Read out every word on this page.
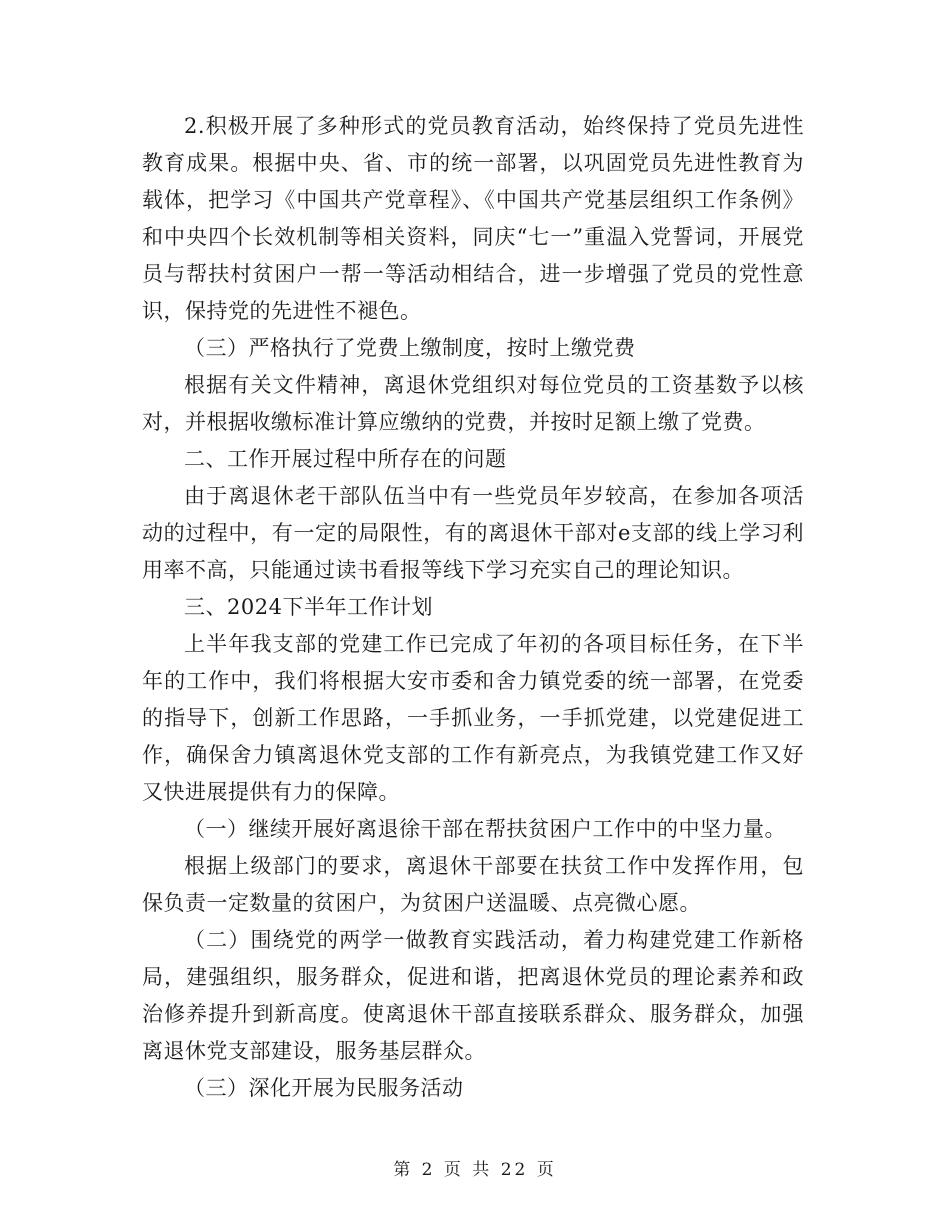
2.积极开展了多种形式的党员教育活动，始终保持了党员先进性教育成果。根据中央、省、市的统一部署，以巩固党员先进性教育为载体，把学习《中国共产党章程》、《中国共产党基层组织工作条例》和中央四个长效机制等相关资料，同庆“七一”重温入党誓词，开展党员与帮扶村贫困户一帮一等活动相结合，进一步增强了党员的党性意识，保持党的先进性不褪色。

（三）严格执行了党费上缴制度，按时上缴党费

根据有关文件精神，离退休党组织对每位党员的工资基数予以核对，并根据收缴标准计算应缴纳的党费，并按时足额上缴了党费。

二、工作开展过程中所存在的问题

由于离退休老干部队伍当中有一些党员年岁较高，在参加各项活动的过程中，有一定的局限性，有的离退休干部对e支部的线上学习利用率不高，只能通过读书看报等线下学习充实自己的理论知识。

三、2024下半年工作计划

上半年我支部的党建工作已完成了年初的各项目标任务，在下半年的工作中，我们将根据大安市委和舍力镇党委的统一部署，在党委的指导下，创新工作思路，一手抓业务，一手抓党建，以党建促进工作，确保舍力镇离退休党支部的工作有新亮点，为我镇党建工作又好又快进展提供有力的保障。

（一）继续开展好离退徐干部在帮扶贫困户工作中的中坚力量。

根据上级部门的要求，离退休干部要在扶贫工作中发挥作用，包保负责一定数量的贫困户，为贫困户送温暖、点亮微心愿。

（二）围绕党的两学一做教育实践活动，着力构建党建工作新格局，建强组织，服务群众，促进和谐，把离退休党员的理论素养和政治修养提升到新高度。使离退休干部直接联系群众、服务群众，加强离退休党支部建设，服务基层群众。

（三）深化开展为民服务活动

第 2 页 共 22 页
